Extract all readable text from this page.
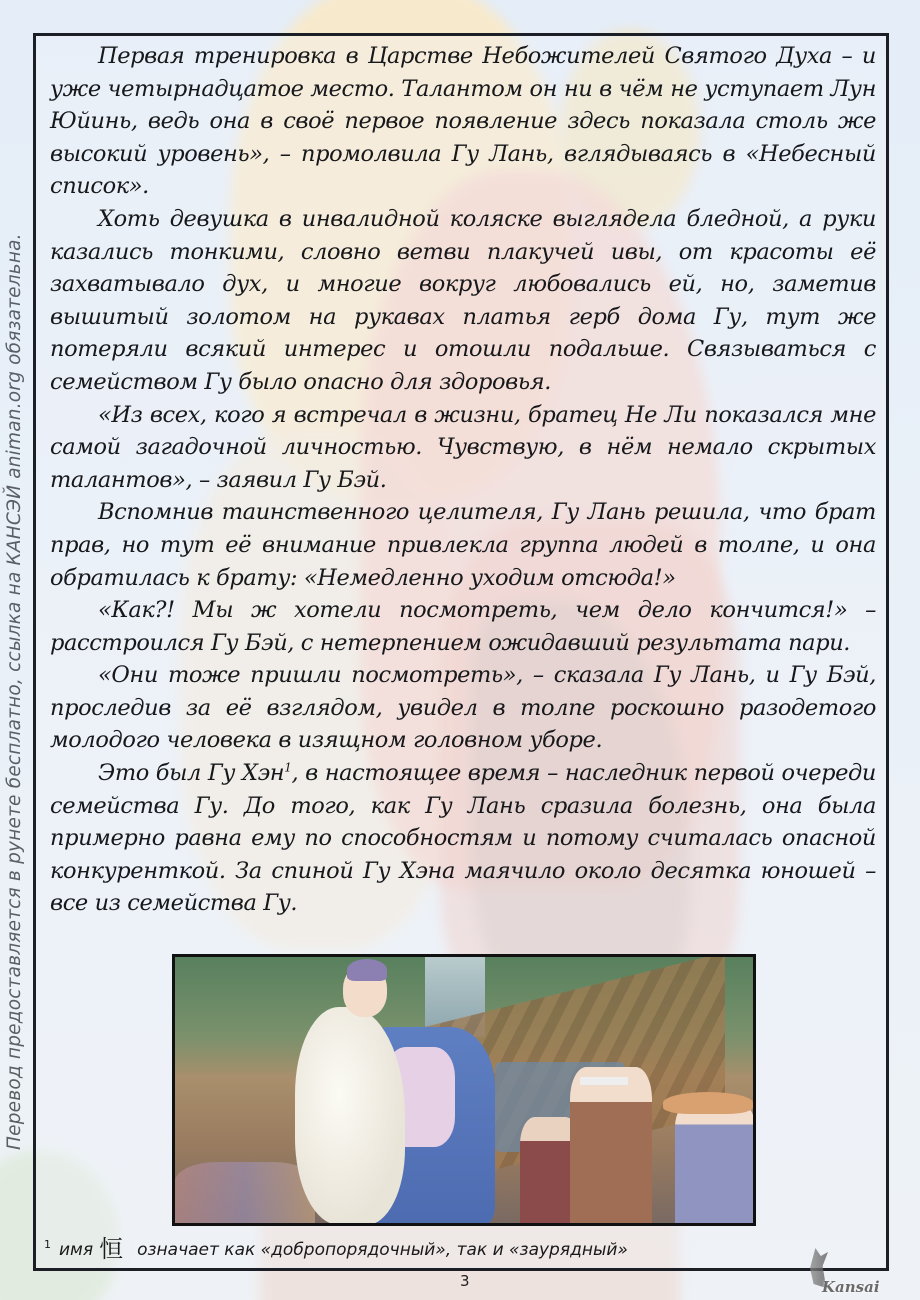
Перевод предоставляется в рунете бесплатно, ссылка на КАНСЭЙ animan.org обязательна.

Первая тренировка в Царстве Небожителей Святого Духа – и уже четырнадцатое место. Талантом он ни в чём не уступает Лун Юйинь, ведь она в своё первое появление здесь показала столь же высокий уровень», – промолвила Гу Лань, вглядываясь в «Небесный список».

Хоть девушка в инвалидной коляске выглядела бледной, а руки казались тонкими, словно ветви плакучей ивы, от красоты её захватывало дух, и многие вокруг любовались ей, но, заметив вышитый золотом на рукавах платья герб дома Гу, тут же потеряли всякий интерес и отошли подальше. Связываться с семейством Гу было опасно для здоровья.

«Из всех, кого я встречал в жизни, братец Не Ли показался мне самой загадочной личностью. Чувствую, в нём немало скрытых талантов», – заявил Гу Бэй.

Вспомнив таинственного целителя, Гу Лань решила, что брат прав, но тут её внимание привлекла группа людей в толпе, и она обратилась к брату: «Немедленно уходим отсюда!»

«Как?! Мы ж хотели посмотреть, чем дело кончится!» – расстроился Гу Бэй, с нетерпением ожидавший результата пари.

«Они тоже пришли посмотреть», – сказала Гу Лань, и Гу Бэй, проследив за её взглядом, увидел в толпе роскошно разодетого молодого человека в изящном головном уборе.

Это был Гу Хэн$^1$, в настоящее время – наследник первой очереди семейства Гу. До того, как Гу Лань сразила болезнь, она была примерно равна ему по способностям и потому считалась опасной конкуренткой. За спиной Гу Хэна маячило около десятка юношей – все из семейства Гу.

$^1$ имя 恒 означает как «добропорядочный», так и «заурядный»
3	Kansai
